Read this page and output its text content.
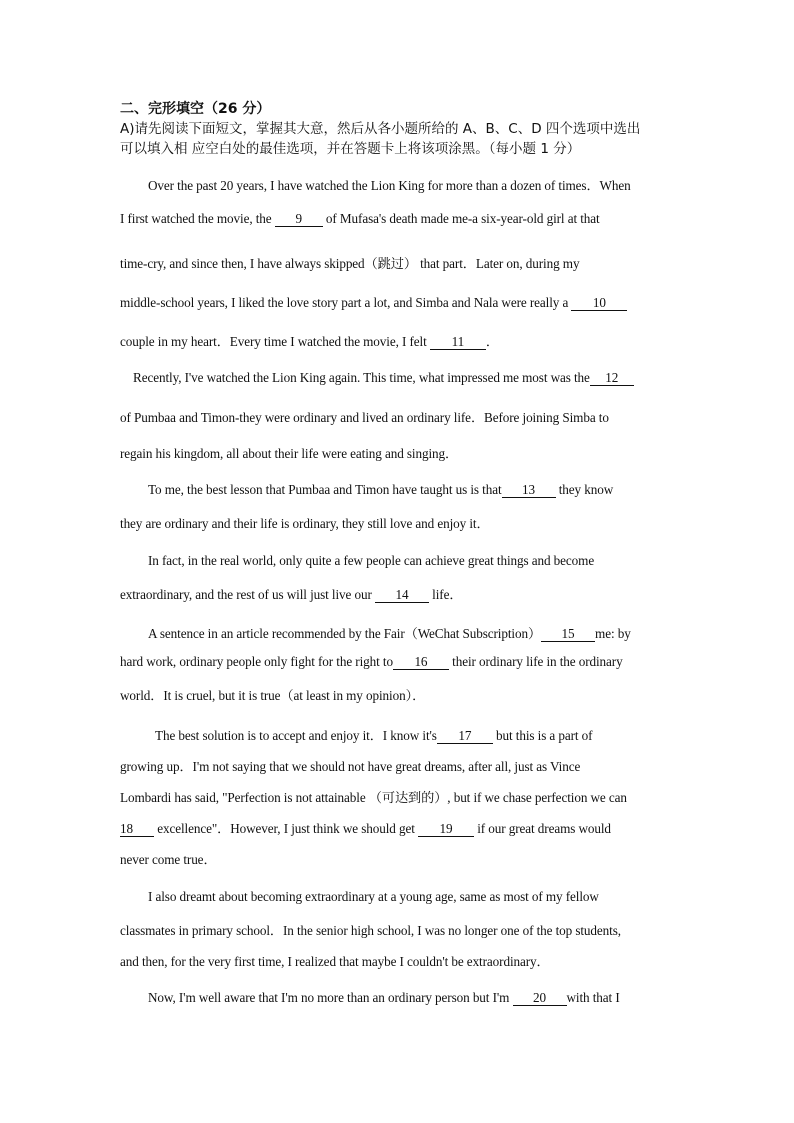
二、完形填空（26 分）
A)请先阅读下面短文，掌握其大意，然后从各小题所给的 A、B、C、D 四个选项中选出
可以填入相 应空白处的最佳选项，并在答题卡上将该项涂黑。（每小题 1 分）
Over the past 20 years, I have watched the Lion King for more than a dozen of times．When
I first watched the movie, the 9 of Mufasa's death made me-a six-year-old girl at that
time-cry, and since then, I have always skipped（跳过） that part．Later on, during my
middle-school years, I liked the love story part a lot, and Simba and Nala were really a 10
couple in my heart．Every time I watched the movie, I felt 11 ．
Recently, I've watched the Lion King again. This time, what impressed me most was the 12
of Pumbaa and Timon-they were ordinary and lived an ordinary life．Before joining Simba to
regain his kingdom, all about their life were eating and singing．
To me, the best lesson that Pumbaa and Timon have taught us is that 13 they know
they are ordinary and their life is ordinary, they still love and enjoy it．
In fact, in the real world, only quite a few people can achieve great things and become
extraordinary, and the rest of us will just live our 14 life．
A sentence in an article recommended by the Fair（WeChat Subscription） 15 me: by
hard work, ordinary people only fight for the right to 16 their ordinary life in the ordinary
world．It is cruel, but it is true（at least in my opinion）．
The best solution is to accept and enjoy it．I know it's 17 but this is a part of
growing up．I'm not saying that we should not have great dreams, after all, just as Vince
Lombardi has said, "Perfection is not attainable （可达到的）, but if we chase perfection we can
18 excellence"．However, I just think we should get 19 if our great dreams would
never come true．
I also dreamt about becoming extraordinary at a young age, same as most of my fellow
classmates in primary school．In the senior high school, I was no longer one of the top students,
and then, for the very first time, I realized that maybe I couldn't be extraordinary．
Now, I'm well aware that I'm no more than an ordinary person but I'm 20 with that I
